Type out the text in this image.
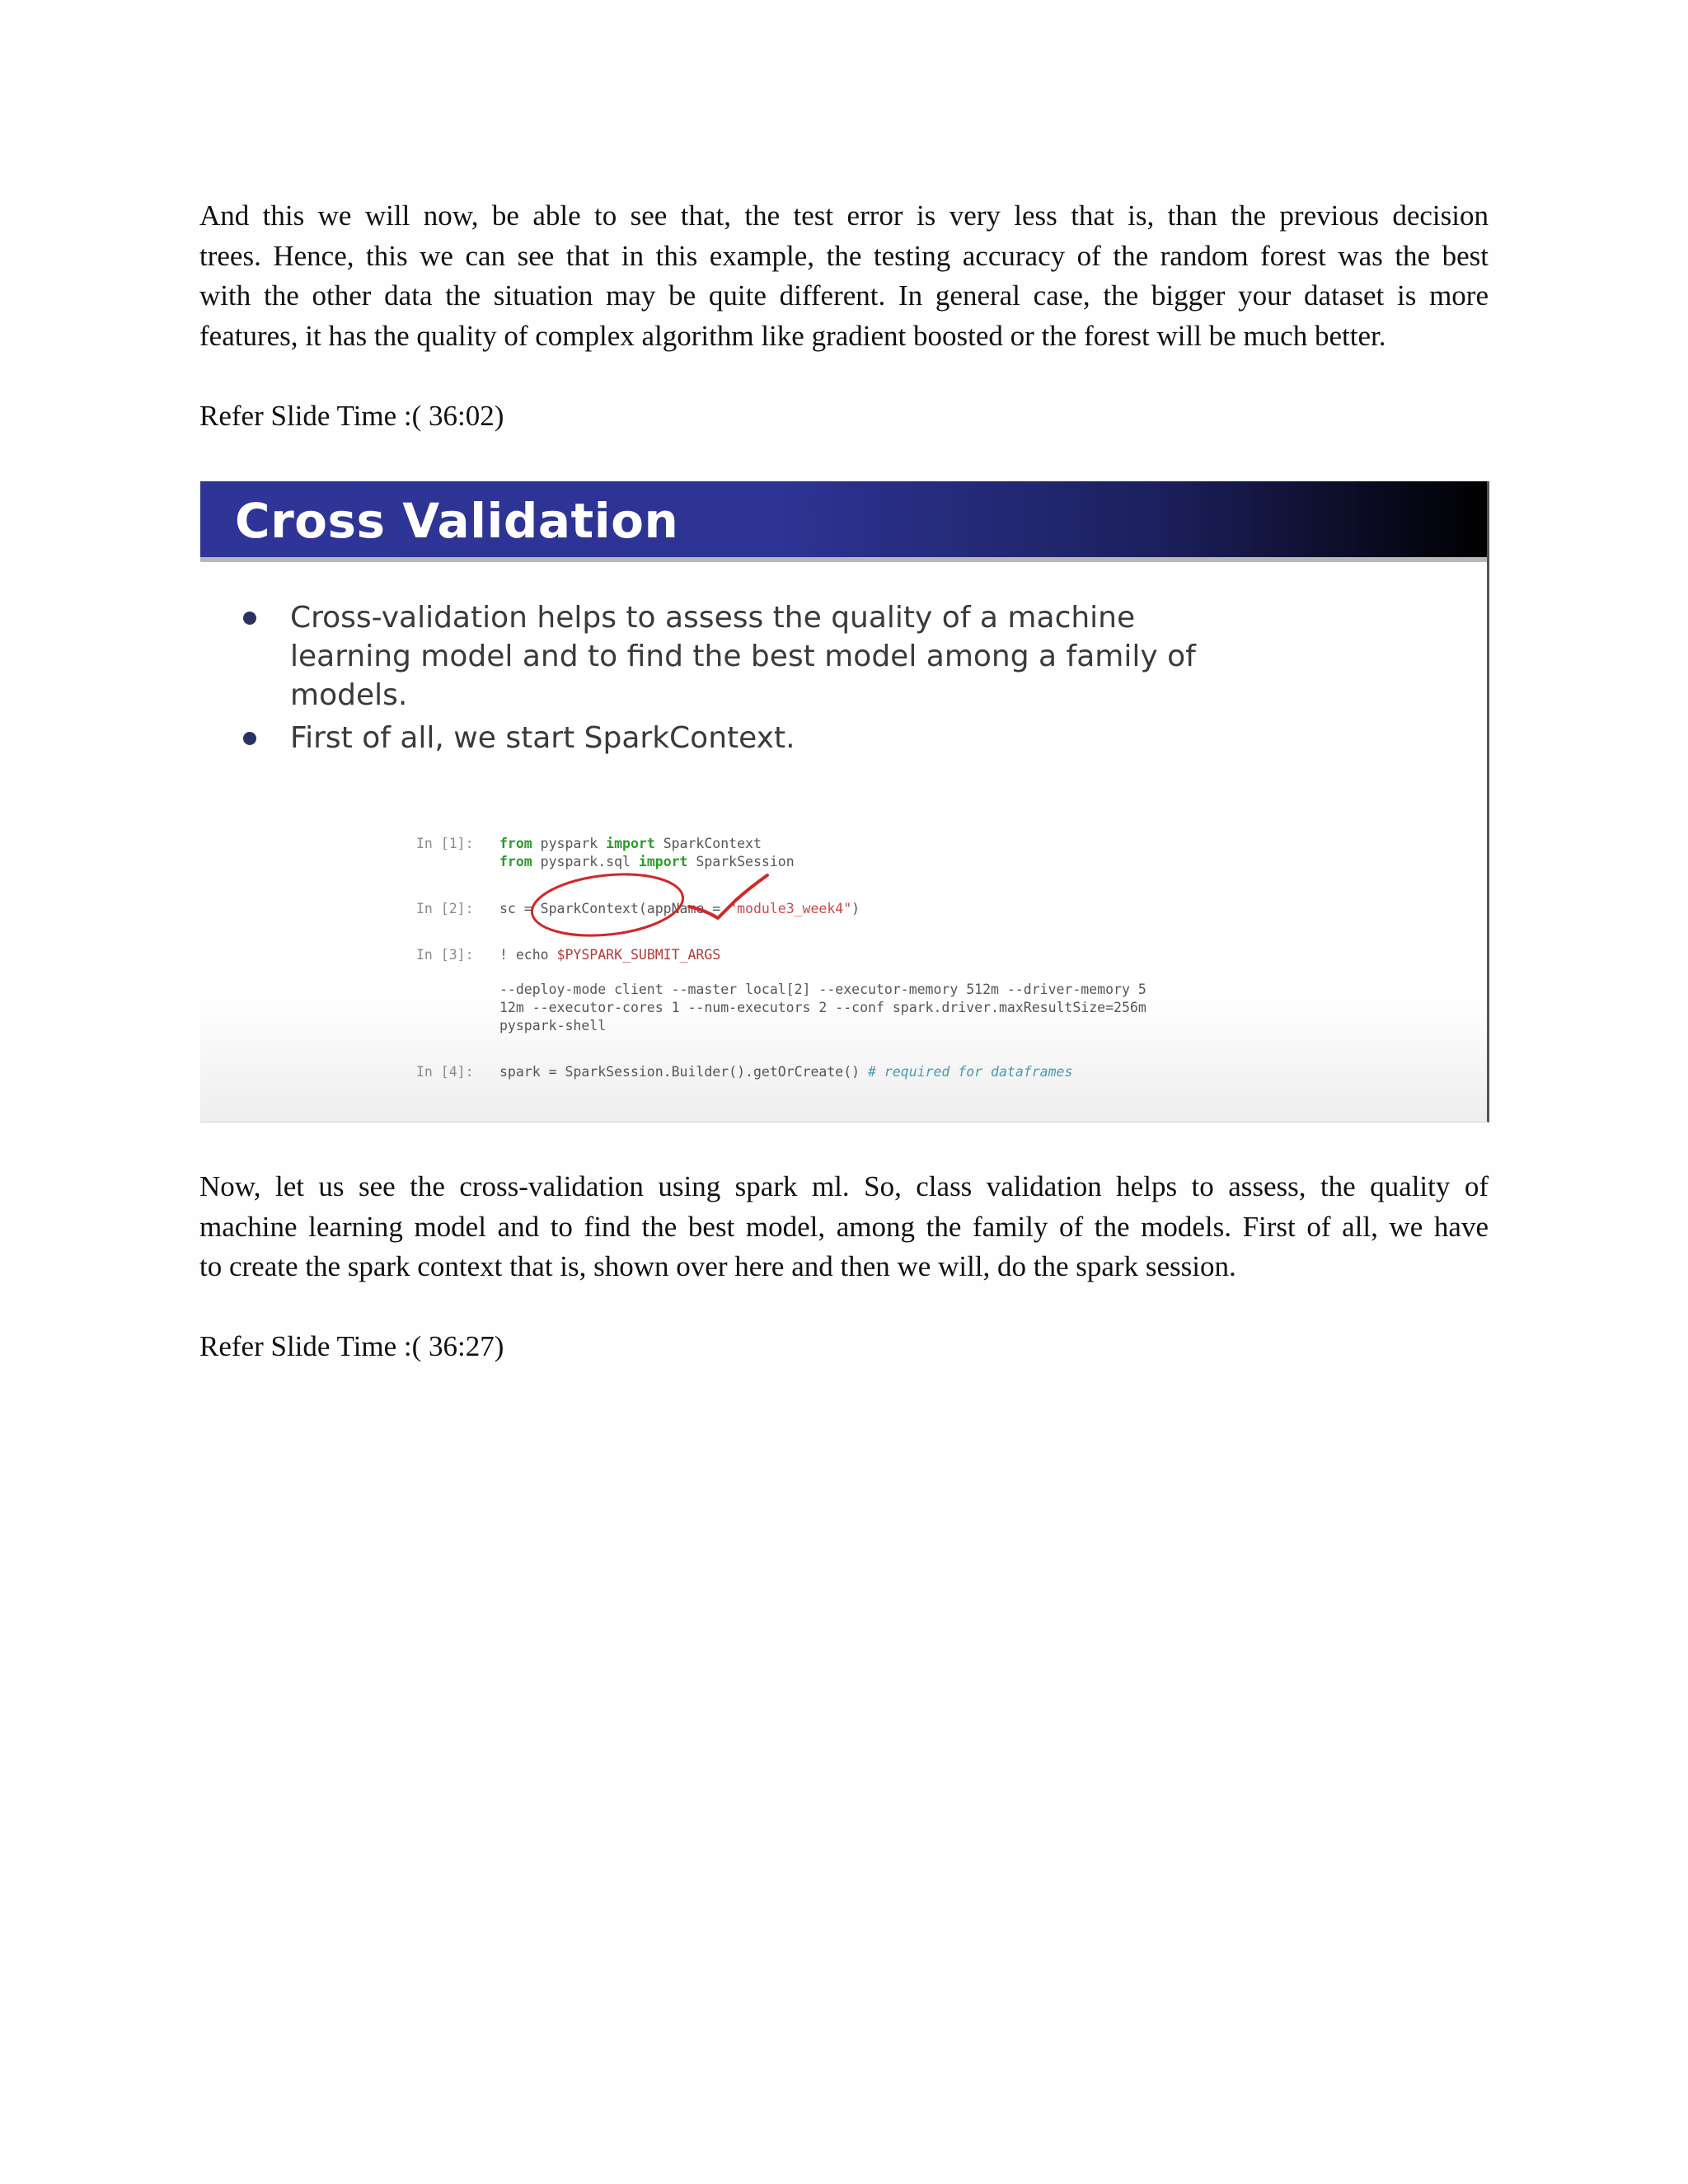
And this we will now, be able to see that, the test error is very less that is, than the previous decision

trees. Hence, this we can see that in this example, the testing accuracy of the random forest was the best

with the other data the situation may be quite different. In general case, the bigger your dataset is more

features, it has the quality of complex algorithm like gradient boosted or the forest will be much better.

Refer Slide Time :( 36:02)

Cross Validation
Cross-validation helps to assess the quality of a machine
learning model and to find the best model among a family of
models.
First of all, we start SparkContext.
In [1]: from pyspark import SparkContext
from pyspark.sql import SparkSession
In [2]: sc = SparkContext(appName = "module3_week4")
In [3]: ! echo $PYSPARK_SUBMIT_ARGS
--deploy-mode client --master local[2] --executor-memory 512m --driver-memory 5
12m --executor-cores 1 --num-executors 2 --conf spark.driver.maxResultSize=256m
pyspark-shell
In [4]: spark = SparkSession.Builder().getOrCreate() # required for dataframes

Now, let us see the cross-validation using spark ml. So, class validation helps to assess, the quality of

machine learning model and to find the best model, among the family of the models. First of all, we have

to create the spark context that is, shown over here and then we will, do the spark session.

Refer Slide Time :( 36:27)
